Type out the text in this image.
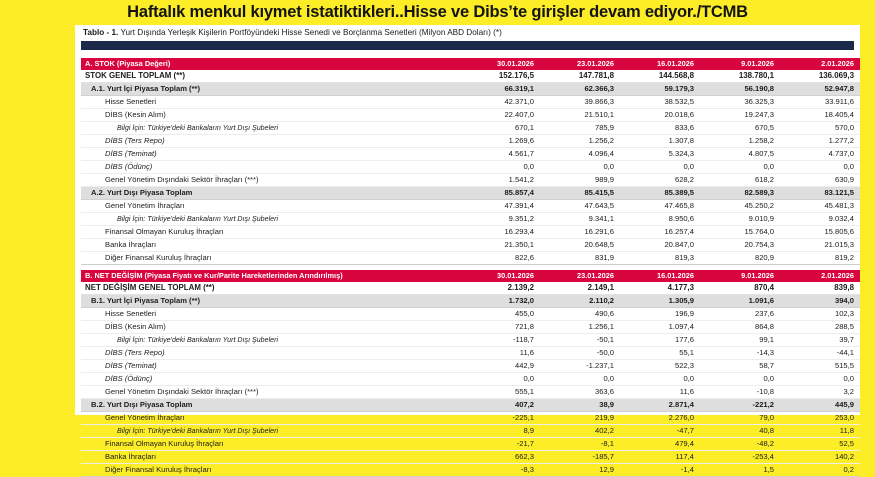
Haftalık menkul kıymet istatiktikleri..Hisse ve Dibs’te girişler devam ediyor./TCMB
Tablo - 1. Yurt Dışında Yerleşik Kişilerin Portföyündeki Hisse Senedi ve Borçlanma Senetleri (Milyon ABD Doları) (*)
A. STOK (Piyasa Değeri)	30.01.2026	23.01.2026	16.01.2026	9.01.2026	2.01.2026
STOK GENEL TOPLAM (**)	152.176,5	147.781,8	144.568,8	138.780,1	136.069,3
A.1. Yurt İçi Piyasa Toplam (**)	66.319,1	62.366,3	59.179,3	56.190,8	52.947,8
Hisse Senetleri	42.371,0	39.866,3	38.532,5	36.325,3	33.911,6
DİBS (Kesin Alım)	22.407,0	21.510,1	20.018,6	19.247,3	18.405,4
Bilgi İçin: Türkiye'deki Bankaların Yurt Dışı Şubeleri	670,1	785,9	833,6	670,5	570,0
DİBS (Ters Repo)	1.269,6	1.256,2	1.307,8	1.258,2	1.277,2
DİBS (Teminat)	4.561,7	4.096,4	5.324,3	4.807,5	4.737,0
DİBS (Ödünç)	0,0	0,0	0,0	0,0	0,0
Genel Yönetim Dışındaki Sektör İhraçları (***)	1.541,2	989,9	628,2	618,2	630,9
A.2. Yurt Dışı Piyasa Toplam	85.857,4	85.415,5	85.389,5	82.589,3	83.121,5
Genel Yönetim İhraçları	47.391,4	47.643,5	47.465,8	45.250,2	45.481,3
Bilgi İçin: Türkiye'deki Bankaların Yurt Dışı Şubeleri	9.351,2	9.341,1	8.950,6	9.010,9	9.032,4
Finansal Olmayan Kuruluş İhraçları	16.293,4	16.291,6	16.257,4	15.764,0	15.805,6
Banka İhraçları	21.350,1	20.648,5	20.847,0	20.754,3	21.015,3
Diğer Finansal Kuruluş İhraçları	822,6	831,9	819,3	820,9	819,2

B. NET DEĞİŞİM (Piyasa Fiyatı ve Kur/Parite Hareketlerinden Arındırılmış)	30.01.2026	23.01.2026	16.01.2026	9.01.2026	2.01.2026
NET DEĞİŞİM GENEL TOPLAM (**)	2.139,2	2.149,1	4.177,3	870,4	839,8
B.1. Yurt İçi Piyasa Toplam (**)	1.732,0	2.110,2	1.305,9	1.091,6	394,0
Hisse Senetleri	455,0	490,6	196,9	237,6	102,3
DİBS (Kesin Alım)	721,8	1.256,1	1.097,4	864,8	288,5
Bilgi İçin: Türkiye'deki Bankaların Yurt Dışı Şubeleri	-118,7	-50,1	177,6	99,1	39,7
DİBS (Ters Repo)	11,6	-50,0	55,1	-14,3	-44,1
DİBS (Teminat)	442,9	-1.237,1	522,3	58,7	515,5
DİBS (Ödünç)	0,0	0,0	0,0	0,0	0,0
Genel Yönetim Dışındaki Sektör İhraçları (***)	555,1	363,6	11,6	-10,8	3,2
B.2. Yurt Dışı Piyasa Toplam	407,2	38,9	2.871,4	-221,2	445,9
Genel Yönetim İhraçları	-225,1	219,9	2.276,0	79,0	253,0
Bilgi İçin: Türkiye'deki Bankaların Yurt Dışı Şubeleri	8,9	402,2	-47,7	40,8	11,8
Finansal Olmayan Kuruluş İhraçları	-21,7	-8,1	479,4	-48,2	52,5
Banka İhraçları	662,3	-185,7	117,4	-253,4	140,2
Diğer Finansal Kuruluş İhraçları	-8,3	12,9	-1,4	1,5	0,2
